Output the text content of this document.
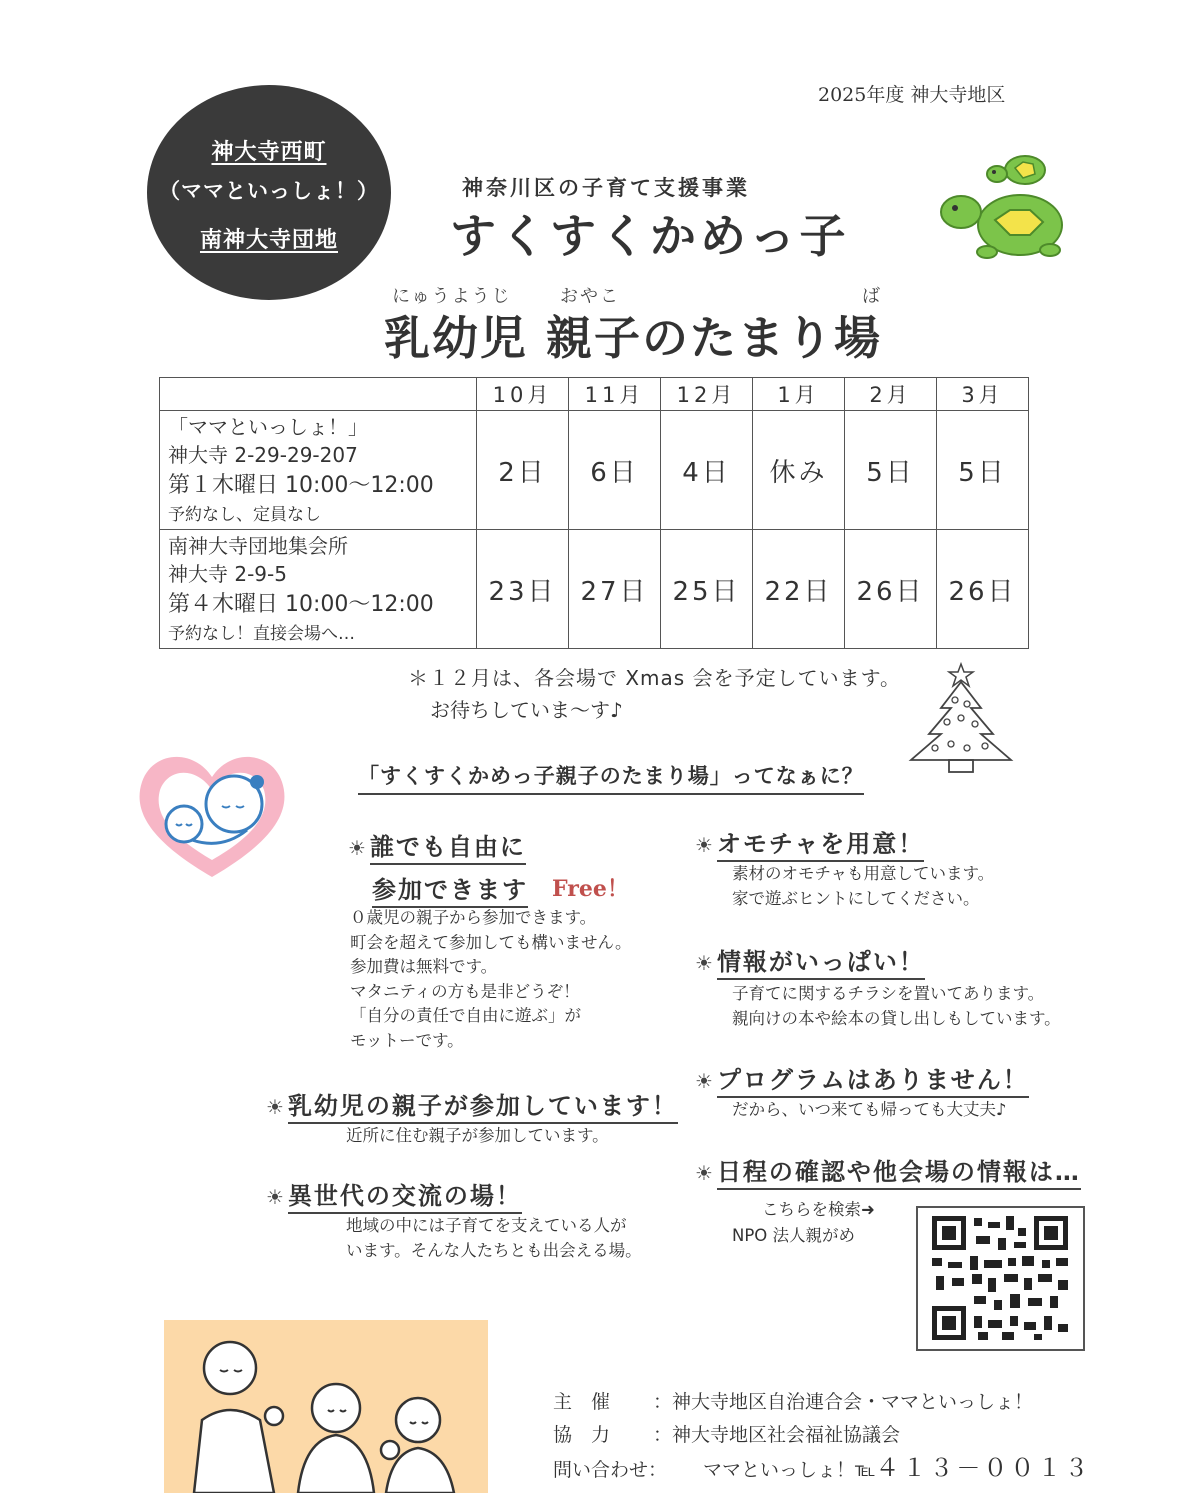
2025年度 神大寺地区
神大寺西町
（ママといっしょ！）
南神大寺団地
神奈川区の子育て支援事業
すくすくかめっ子
にゅうようじ	おやこ	ば
乳幼児 親子のたまり場
	10月	11月	12月	1月	2月	3月

「ママといっしょ！」
神大寺 2-29-29-207
第１木曜日 10:00～12:00
予約なし、定員なし	2日	6日	4日	休み	5日	5日

南神大寺団地集会所
神大寺 2-9-5
第４木曜日 10:00～12:00
予約なし！直接会場へ…	23日	27日	25日	22日	26日	26日
＊１２月は、各会場で Xmas 会を予定しています。
お待ちしていま～す♪
「すくすくかめっ子親子のたまり場」ってなぁに？
☀誰でも自由に
参加できます Free！
０歳児の親子から参加できます。
町会を超えて参加しても構いません。
参加費は無料です。
マタニティの方も是非どうぞ！
「自分の責任で自由に遊ぶ」が
モットーです。
☀オモチャを用意！
素材のオモチャも用意しています。
家で遊ぶヒントにしてください。
☀情報がいっぱい！
子育てに関するチラシを置いてあります。
親向けの本や絵本の貸し出しもしています。
☀プログラムはありません！
だから、いつ来ても帰っても大丈夫♪
☀乳幼児の親子が参加しています！
近所に住む親子が参加しています。
☀異世代の交流の場！
地域の中には子育てを支えている人が
います。そんな人たちとも出会える場。
☀日程の確認や他会場の情報は…
こちらを検索➜
NPO 法人親がめ
主　催 ：神大寺地区自治連合会・ママといっしょ！
協　力 ：神大寺地区社会福祉協議会
問い合わせ： ママといっしょ！℡４１３－００１３
